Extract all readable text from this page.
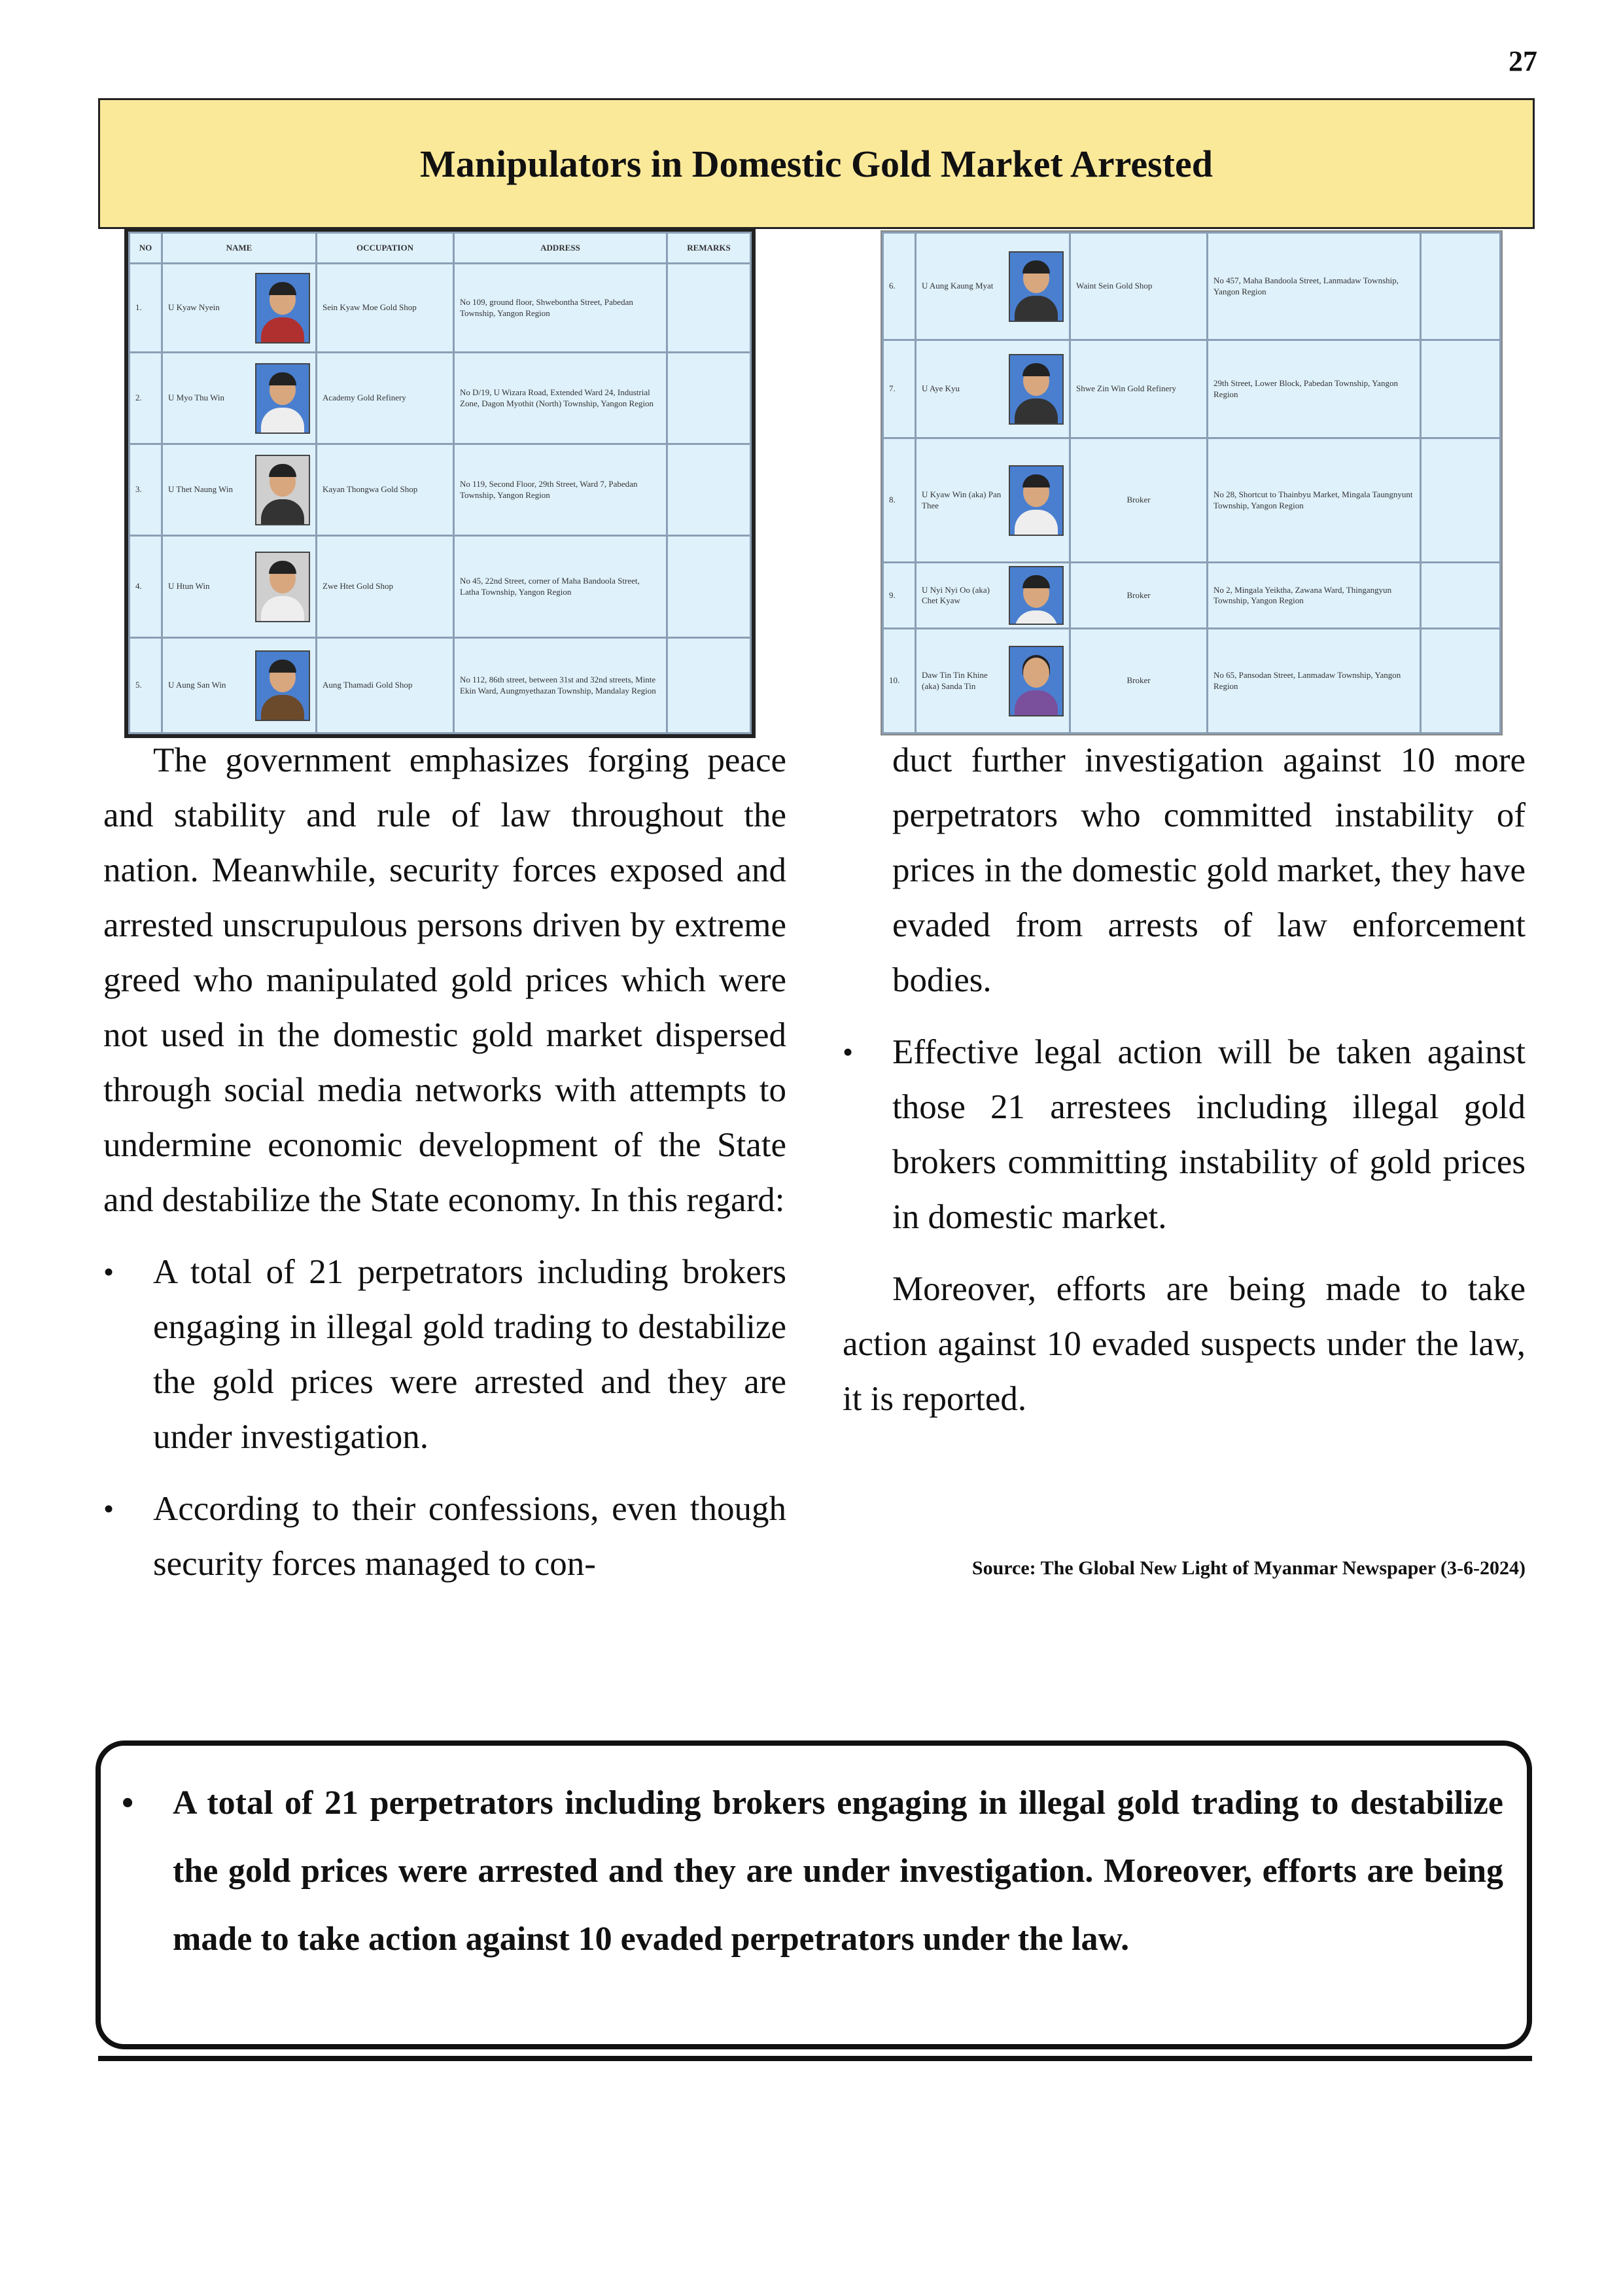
27
Manipulators in Domestic Gold Market Arrested
NO	NAME	OCCUPATION	ADDRESS	REMARKS
1.	U Kyaw Nyein	Sein Kyaw Moe Gold Shop	No 109, ground floor, Shwebontha Street, Pabedan Township, Yangon Region	
2.	U Myo Thu Win	Academy Gold Refinery	No D/19, U Wizara Road, Extended Ward 24, Industrial Zone, Dagon Myothit (North) Township, Yangon Region	
3.	U Thet Naung Win	Kayan Thongwa Gold Shop	No 119, Second Floor, 29th Street, Ward 7, Pabedan Township, Yangon Region	
4.	U Htun Win	Zwe Htet Gold Shop	No 45, 22nd Street, corner of Maha Bandoola Street, Latha Township, Yangon Region	
5.	U Aung San Win	Aung Thamadi Gold Shop	No 112, 86th street, between 31st and 32nd streets, Minte Ekin Ward, Aungmyethazan Township, Mandalay Region	
6.	U Aung Kaung Myat	Waint Sein Gold Shop	No 457, Maha Bandoola Street, Lanmadaw Township, Yangon Region	
7.	U Aye Kyu	Shwe Zin Win Gold Refinery	29th Street, Lower Block, Pabedan Township, Yangon Region	
8.	U Kyaw Win (aka) Pan Thee	Broker	No 28, Shortcut to Thainbyu Market, Mingala Taungnyunt Township, Yangon Region	
9.	U Nyi Nyi Oo (aka) Chet Kyaw	Broker	No 2, Mingala Yeiktha, Zawana Ward, Thingangyun Township, Yangon Region	
10.	Daw Tin Tin Khine (aka) Sanda Tin	Broker	No 65, Pansodan Street, Lanmadaw Township, Yangon Region	

The government emphasizes forging peace and stability and rule of law throughout the nation. Meanwhile, security forces exposed and arrested unscrupulous persons driven by extreme greed who manipulated gold prices which were not used in the domestic gold market dispersed through social media networks with attempts to undermine economic development of the State and destabilize the State economy. In this regard:

• A total of 21 perpetrators including brokers engaging in illegal gold trading to destabilize the gold prices were arrested and they are under investigation.

• According to their confessions, even though security forces managed to con-

duct further investigation against 10 more perpetrators who committed instability of prices in the domestic gold market, they have evaded from arrests of law enforcement bodies.

• Effective legal action will be taken against those 21 arrestees including illegal gold brokers committing instability of gold prices in domestic market.

Moreover, efforts are being made to take action against 10 evaded suspects under the law, it is reported.

Source: The Global New Light of Myanmar Newspaper (3-6-2024)

• A total of 21 perpetrators including brokers engaging in illegal gold trading to destabilize the gold prices were arrested and they are under investigation. Moreover, efforts are being made to take action against 10 evaded perpetrators under the law.
